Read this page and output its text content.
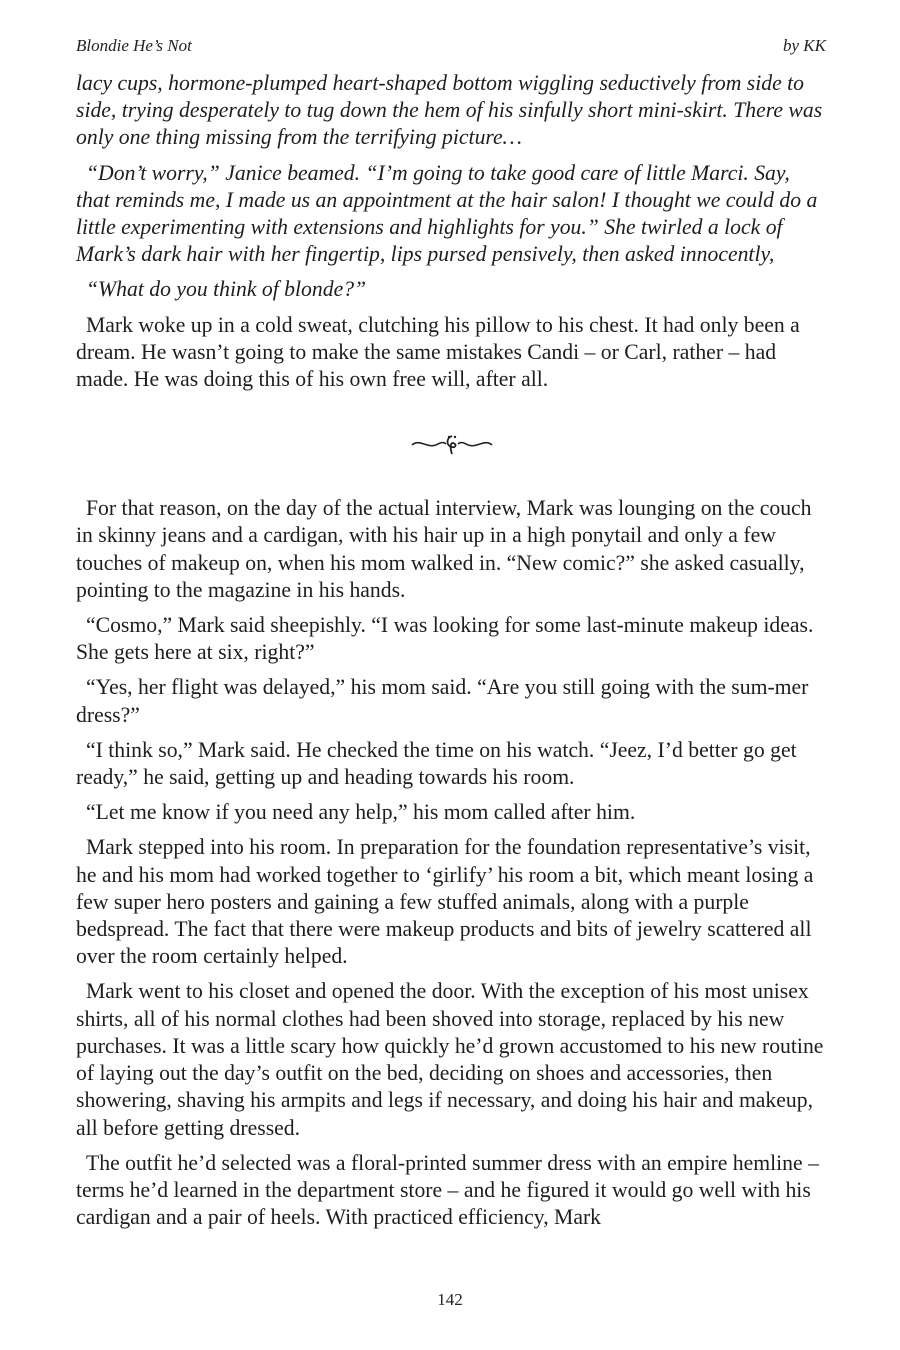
Blondie He’s Not	by KK

lacy cups, hormone-plumped heart-shaped bottom wiggling seductively from side to side, trying desperately to tug down the hem of his sinfully short mini-skirt. There was only one thing missing from the terrifying picture…

“Don’t worry,” Janice beamed. “I’m going to take good care of little Marci. Say, that reminds me, I made us an appointment at the hair salon! I thought we could do a little experimenting with extensions and highlights for you.” She twirled a lock of Mark’s dark hair with her fingertip, lips pursed pensively, then asked innocently,

“What do you think of blonde?”

Mark woke up in a cold sweat, clutching his pillow to his chest. It had only been a dream. He wasn’t going to make the same mistakes Candi – or Carl, rather – had made. He was doing this of his own free will, after all.

For that reason, on the day of the actual interview, Mark was lounging on the couch in skinny jeans and a cardigan, with his hair up in a high ponytail and only a few touches of makeup on, when his mom walked in. “New comic?” she asked casually, pointing to the magazine in his hands.

“Cosmo,” Mark said sheepishly. “I was looking for some last-minute makeup ideas. She gets here at six, right?”

“Yes, her flight was delayed,” his mom said. “Are you still going with the sum-mer dress?”

“I think so,” Mark said. He checked the time on his watch. “Jeez, I’d better go get ready,” he said, getting up and heading towards his room.

“Let me know if you need any help,” his mom called after him.

Mark stepped into his room. In preparation for the foundation representative’s visit, he and his mom had worked together to ‘girlify’ his room a bit, which meant losing a few super hero posters and gaining a few stuffed animals, along with a purple bedspread. The fact that there were makeup products and bits of jewelry scattered all over the room certainly helped.

Mark went to his closet and opened the door. With the exception of his most unisex shirts, all of his normal clothes had been shoved into storage, replaced by his new purchases. It was a little scary how quickly he’d grown accustomed to his new routine of laying out the day’s outfit on the bed, deciding on shoes and accessories, then showering, shaving his armpits and legs if necessary, and doing his hair and makeup, all before getting dressed.

The outfit he’d selected was a floral-printed summer dress with an empire hemline – terms he’d learned in the department store – and he figured it would go well with his cardigan and a pair of heels. With practiced efficiency, Mark

142
